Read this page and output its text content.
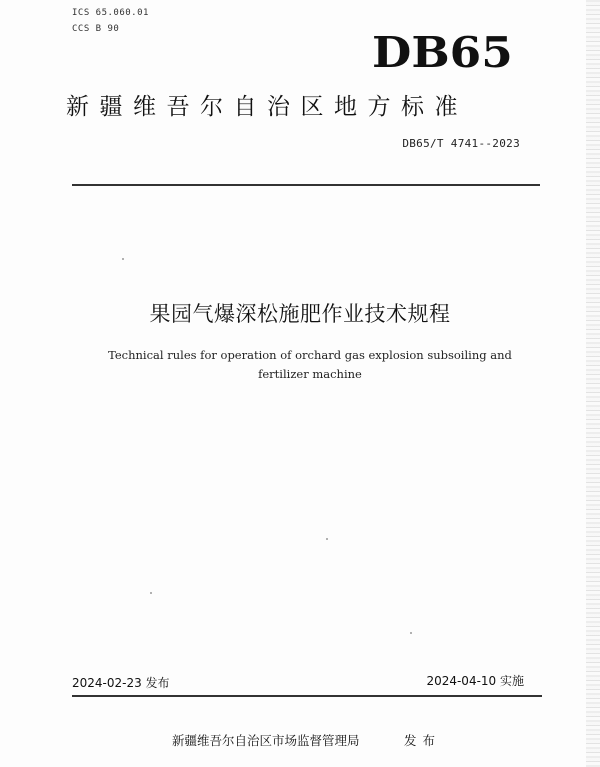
ICS 65.060.01
CCS B 90	DB65
新疆维吾尔自治区地方标准
DB65/T 4741--2023
果园气爆深松施肥作业技术规程
Technical rules for operation of orchard gas explosion subsoiling and fertilizer machine
2024-02-23 发布	2024-04-10 实施
新疆维吾尔自治区市场监督管理局	发布
